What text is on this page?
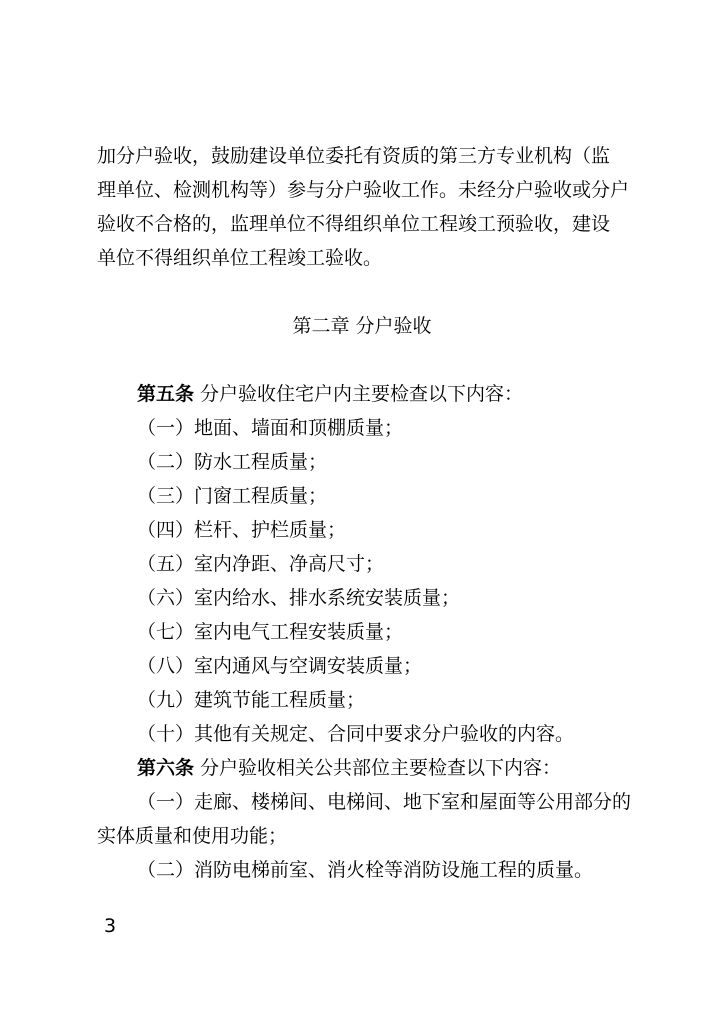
加分户验收，鼓励建设单位委托有资质的第三方专业机构（监
理单位、检测机构等）参与分户验收工作。未经分户验收或分户
验收不合格的，监理单位不得组织单位工程竣工预验收，建设
单位不得组织单位工程竣工验收。
第二章 分户验收
第五条 分户验收住宅户内主要检查以下内容：
（一）地面、墙面和顶棚质量；
（二）防水工程质量；
（三）门窗工程质量；
（四）栏杆、护栏质量；
（五）室内净距、净高尺寸；
（六）室内给水、排水系统安装质量；
（七）室内电气工程安装质量；
（八）室内通风与空调安装质量；
（九）建筑节能工程质量；
（十）其他有关规定、合同中要求分户验收的内容。
第六条 分户验收相关公共部位主要检查以下内容：
（一）走廊、楼梯间、电梯间、地下室和屋面等公用部分的
实体质量和使用功能；
（二）消防电梯前室、消火栓等消防设施工程的质量。
3
